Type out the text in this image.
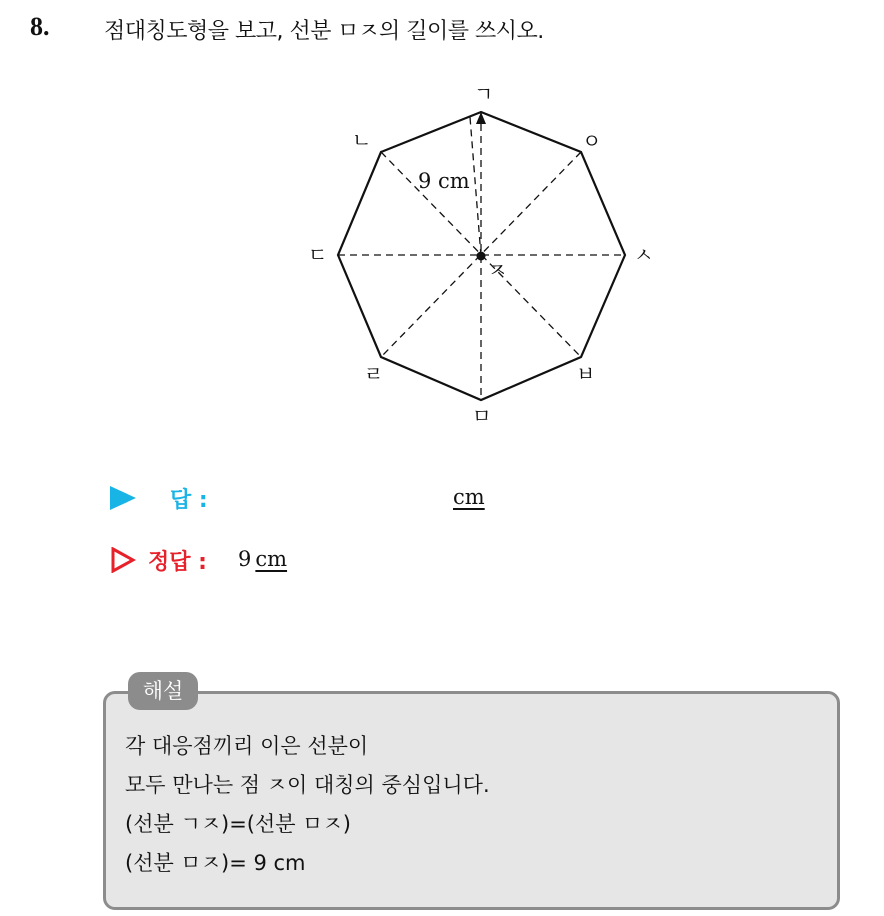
8. 점대칭도형을 보고, 선분 ㅁㅈ의 길이를 쓰시오.
ㄱ
ㄴ
ㄷ
ㄹ
ㅁ
ㅂ
ㅅ
ㅇ
ㅈ
9 cm
답 :	cm
정답 : 9 cm
해설
각 대응점끼리 이은 선분이
모두 만나는 점 ㅈ이 대칭의 중심입니다.
(선분 ㄱㅈ)=(선분 ㅁㅈ)
(선분 ㅁㅈ)= 9 cm
